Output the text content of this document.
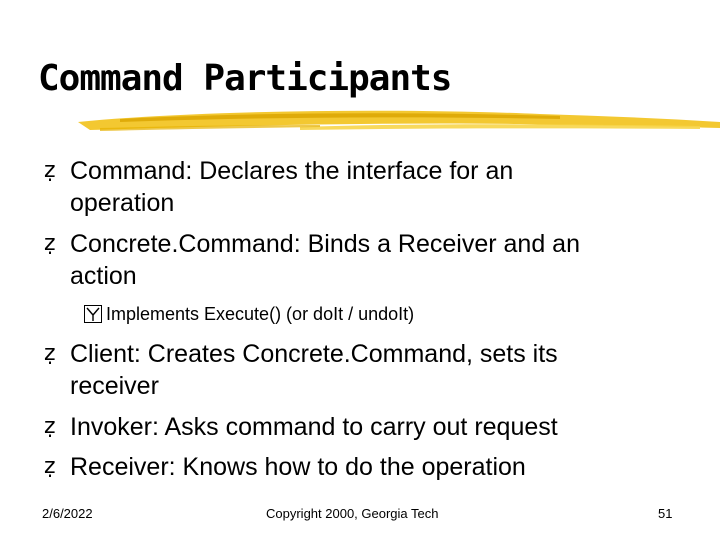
Command Participants
ẓ Command: Declares the interface for an
operation
ẓ Concrete.Command: Binds a Receiver and an
action
Implements Execute() (or doIt / undoIt)
ẓ Client: Creates Concrete.Command, sets its
receiver
ẓ Invoker: Asks command to carry out request
ẓ Receiver: Knows how to do the operation
2/6/2022	Copyright 2000, Georgia Tech	51
